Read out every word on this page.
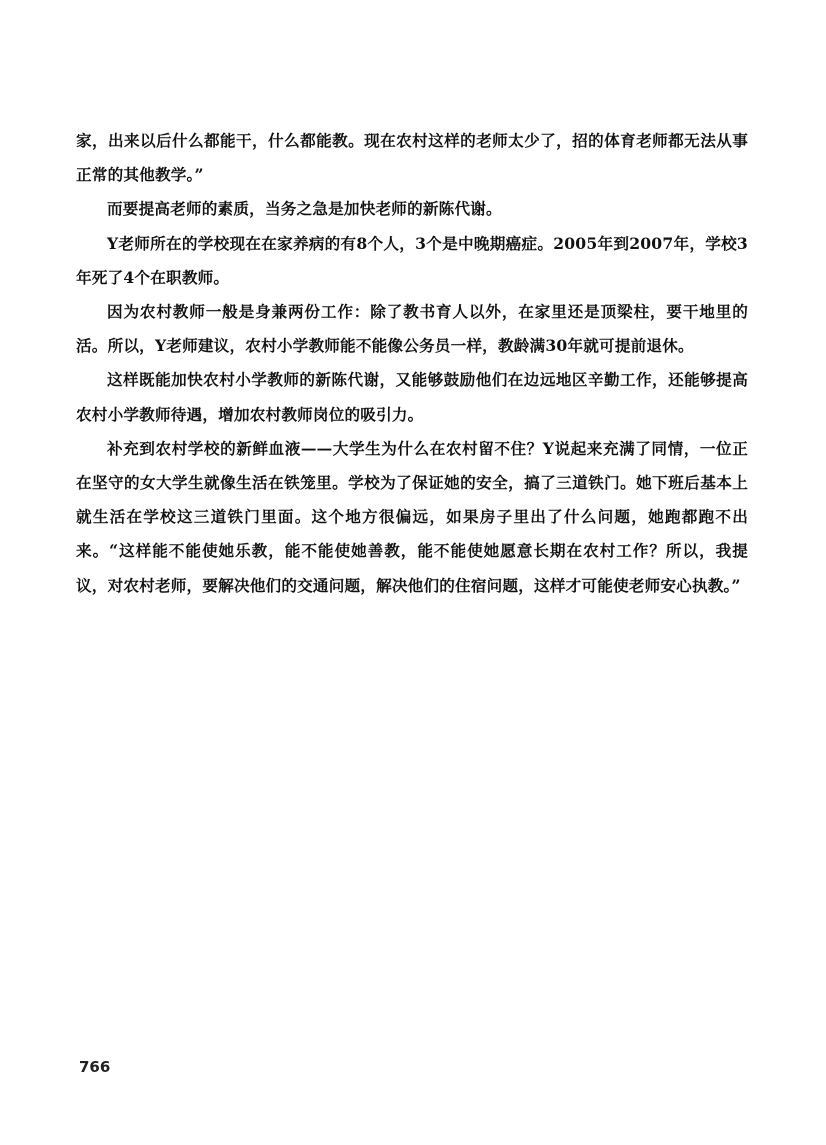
家，出来以后什么都能干，什么都能教。现在农村这样的老师太少了，招的体育老师都无法从事正常的其他教学。”

而要提高老师的素质，当务之急是加快老师的新陈代谢。

Y老师所在的学校现在在家养病的有8个人，3个是中晚期癌症。2005年到2007年，学校3年死了4个在职教师。

因为农村教师一般是身兼两份工作：除了教书育人以外，在家里还是顶梁柱，要干地里的活。所以，Y老师建议，农村小学教师能不能像公务员一样，教龄满30年就可提前退休。

这样既能加快农村小学教师的新陈代谢，又能够鼓励他们在边远地区辛勤工作，还能够提高农村小学教师待遇，增加农村教师岗位的吸引力。

补充到农村学校的新鲜血液——大学生为什么在农村留不住？Y说起来充满了同情，一位正在坚守的女大学生就像生活在铁笼里。学校为了保证她的安全，搞了三道铁门。她下班后基本上就生活在学校这三道铁门里面。这个地方很偏远，如果房子里出了什么问题，她跑都跑不出来。“这样能不能使她乐教，能不能使她善教，能不能使她愿意长期在农村工作？所以，我提议，对农村老师，要解决他们的交通问题，解决他们的住宿问题，这样才可能使老师安心执教。”

766
